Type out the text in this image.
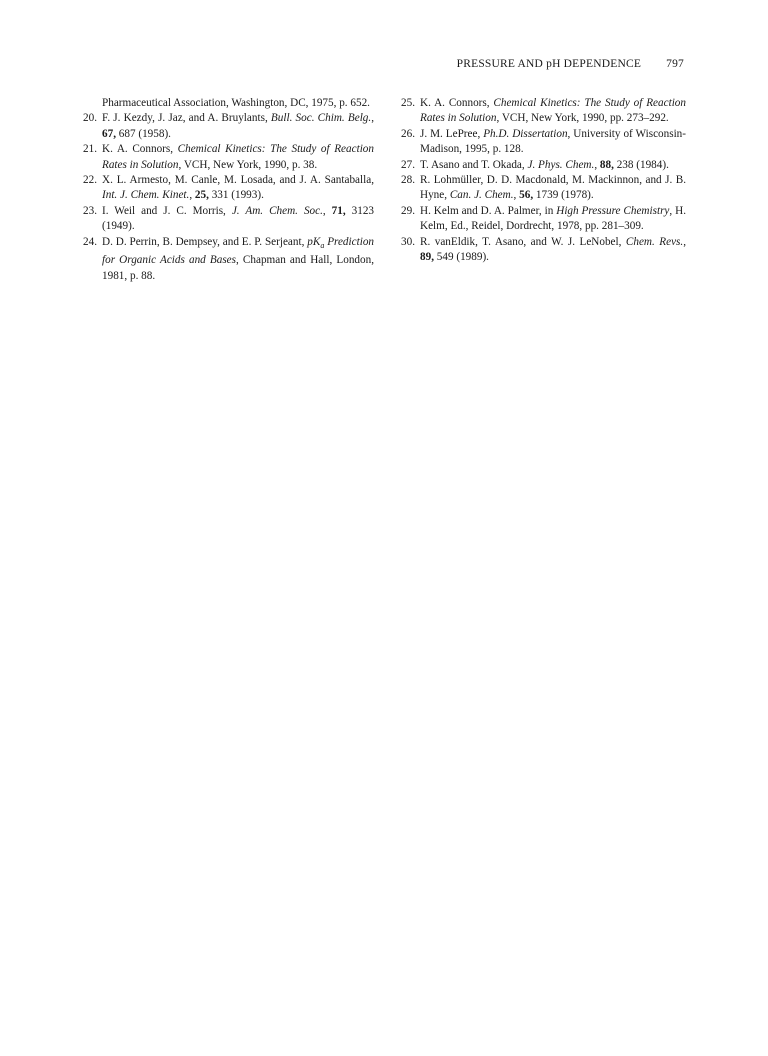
PRESSURE AND pH DEPENDENCE 797

Pharmaceutical Association, Washington, DC, 1975, p. 652.

20. F. J. Kezdy, J. Jaz, and A. Bruylants, Bull. Soc. Chim. Belg., 67, 687 (1958).

21. K. A. Connors, Chemical Kinetics: The Study of Reaction Rates in Solution, VCH, New York, 1990, p. 38.

22. X. L. Armesto, M. Canle, M. Losada, and J. A. Santaballa, Int. J. Chem. Kinet., 25, 331 (1993).

23. I. Weil and J. C. Morris, J. Am. Chem. Soc., 71, 3123 (1949).

24. D. D. Perrin, B. Dempsey, and E. P. Serjeant, $pK_a$ Prediction for Organic Acids and Bases, Chapman and Hall, London, 1981, p. 88.

25. K. A. Connors, Chemical Kinetics: The Study of Reaction Rates in Solution, VCH, New York, 1990, pp. 273–292.

26. J. M. LePree, Ph.D. Dissertation, University of Wisconsin-Madison, 1995, p. 128.

27. T. Asano and T. Okada, J. Phys. Chem., 88, 238 (1984).

28. R. Lohmüller, D. D. Macdonald, M. Mackinnon, and J. B. Hyne, Can. J. Chem., 56, 1739 (1978).

29. H. Kelm and D. A. Palmer, in High Pressure Chemistry, H. Kelm, Ed., Reidel, Dordrecht, 1978, pp. 281–309.

30. R. vanEldik, T. Asano, and W. J. LeNobel, Chem. Revs., 89, 549 (1989).
